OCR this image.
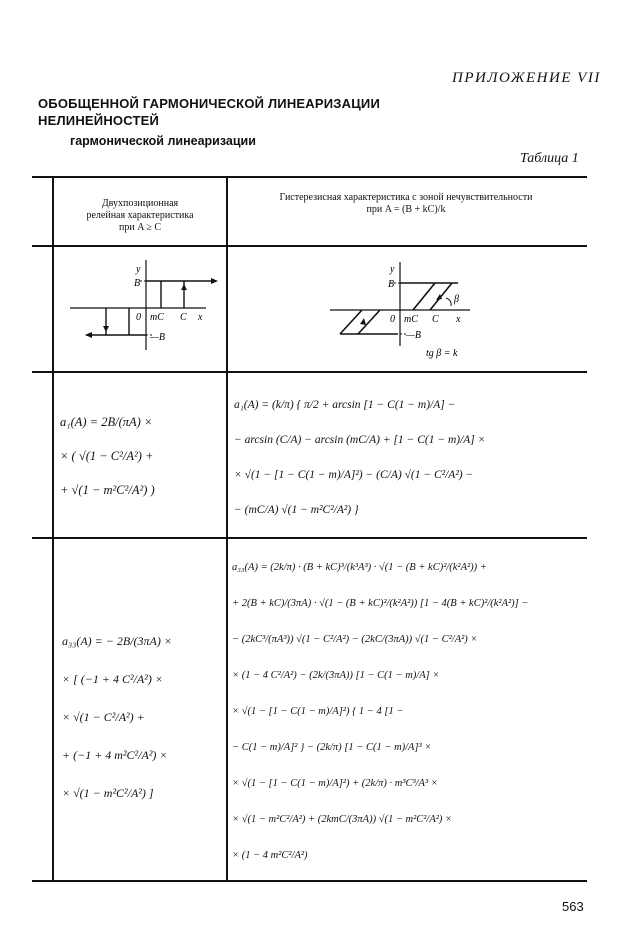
ПРИЛОЖЕНИЕ VII
ОБОБЩЕННОЙ ГАРМОНИЧЕСКОЙ ЛИНЕАРИЗАЦИИ
НЕЛИНЕЙНОСТЕЙ
гармонической линеаризации
Таблица 1
Двухпозиционная
релейная характеристика
при A ≥ C
Гистерезисная характеристика с зоной нечувствительности
при A = (B + kC)/k
y
B
0 mC C x
—B
y
B
0 mC C x
β
—B
tg β = k
a₁(A) = 2B/(πA) ×
× ( √(1 − C²/A²) +
+ √(1 − m²C²/A²) )
a₁(A) = (k/π) { π/2 + arcsin [1 − C(1 − m)/A] −
− arcsin (C/A) − arcsin (mC/A) + [1 − C(1 − m)/A] ×
× √(1 − [1 − C(1 − m)/A]²) − (C/A) √(1 − C²/A²) −
− (mC/A) √(1 − m²C²/A²) }
a₃₃(A) = − 2B/(3πA) ×
× [ (−1 + 4 C²/A²) ×
× √(1 − C²/A²) +
+ (−1 + 4 m²C²/A²) ×
× √(1 − m²C²/A²) ]
a₃₃(A) = (2k/π) · (B + kC)³/(k³A³) · √(1 − (B + kC)²/(k²A²)) +
+ 2(B + kC)/(3πA) · √(1 − (B + kC)²/(k²A²)) [1 − 4(B + kC)²/(k²A²)] −
− (2kC³/(πA³)) √(1 − C²/A²) − (2kC/(3πA)) √(1 − C²/A²) ×
× (1 − 4 C²/A²) − (2k/(3πA)) [1 − C(1 − m)/A] ×
× √(1 − [1 − C(1 − m)/A]²) { 1 − 4 [1 −
− C(1 − m)/A]² } − (2k/π) [1 − C(1 − m)/A]³ ×
× √(1 − [1 − C(1 − m)/A]²) + (2k/π) · m³C³/A³ ×
× √(1 − m²C²/A²) + (2kmC/(3πA)) √(1 − m²C²/A²) ×
× (1 − 4 m²C²/A²)
563
